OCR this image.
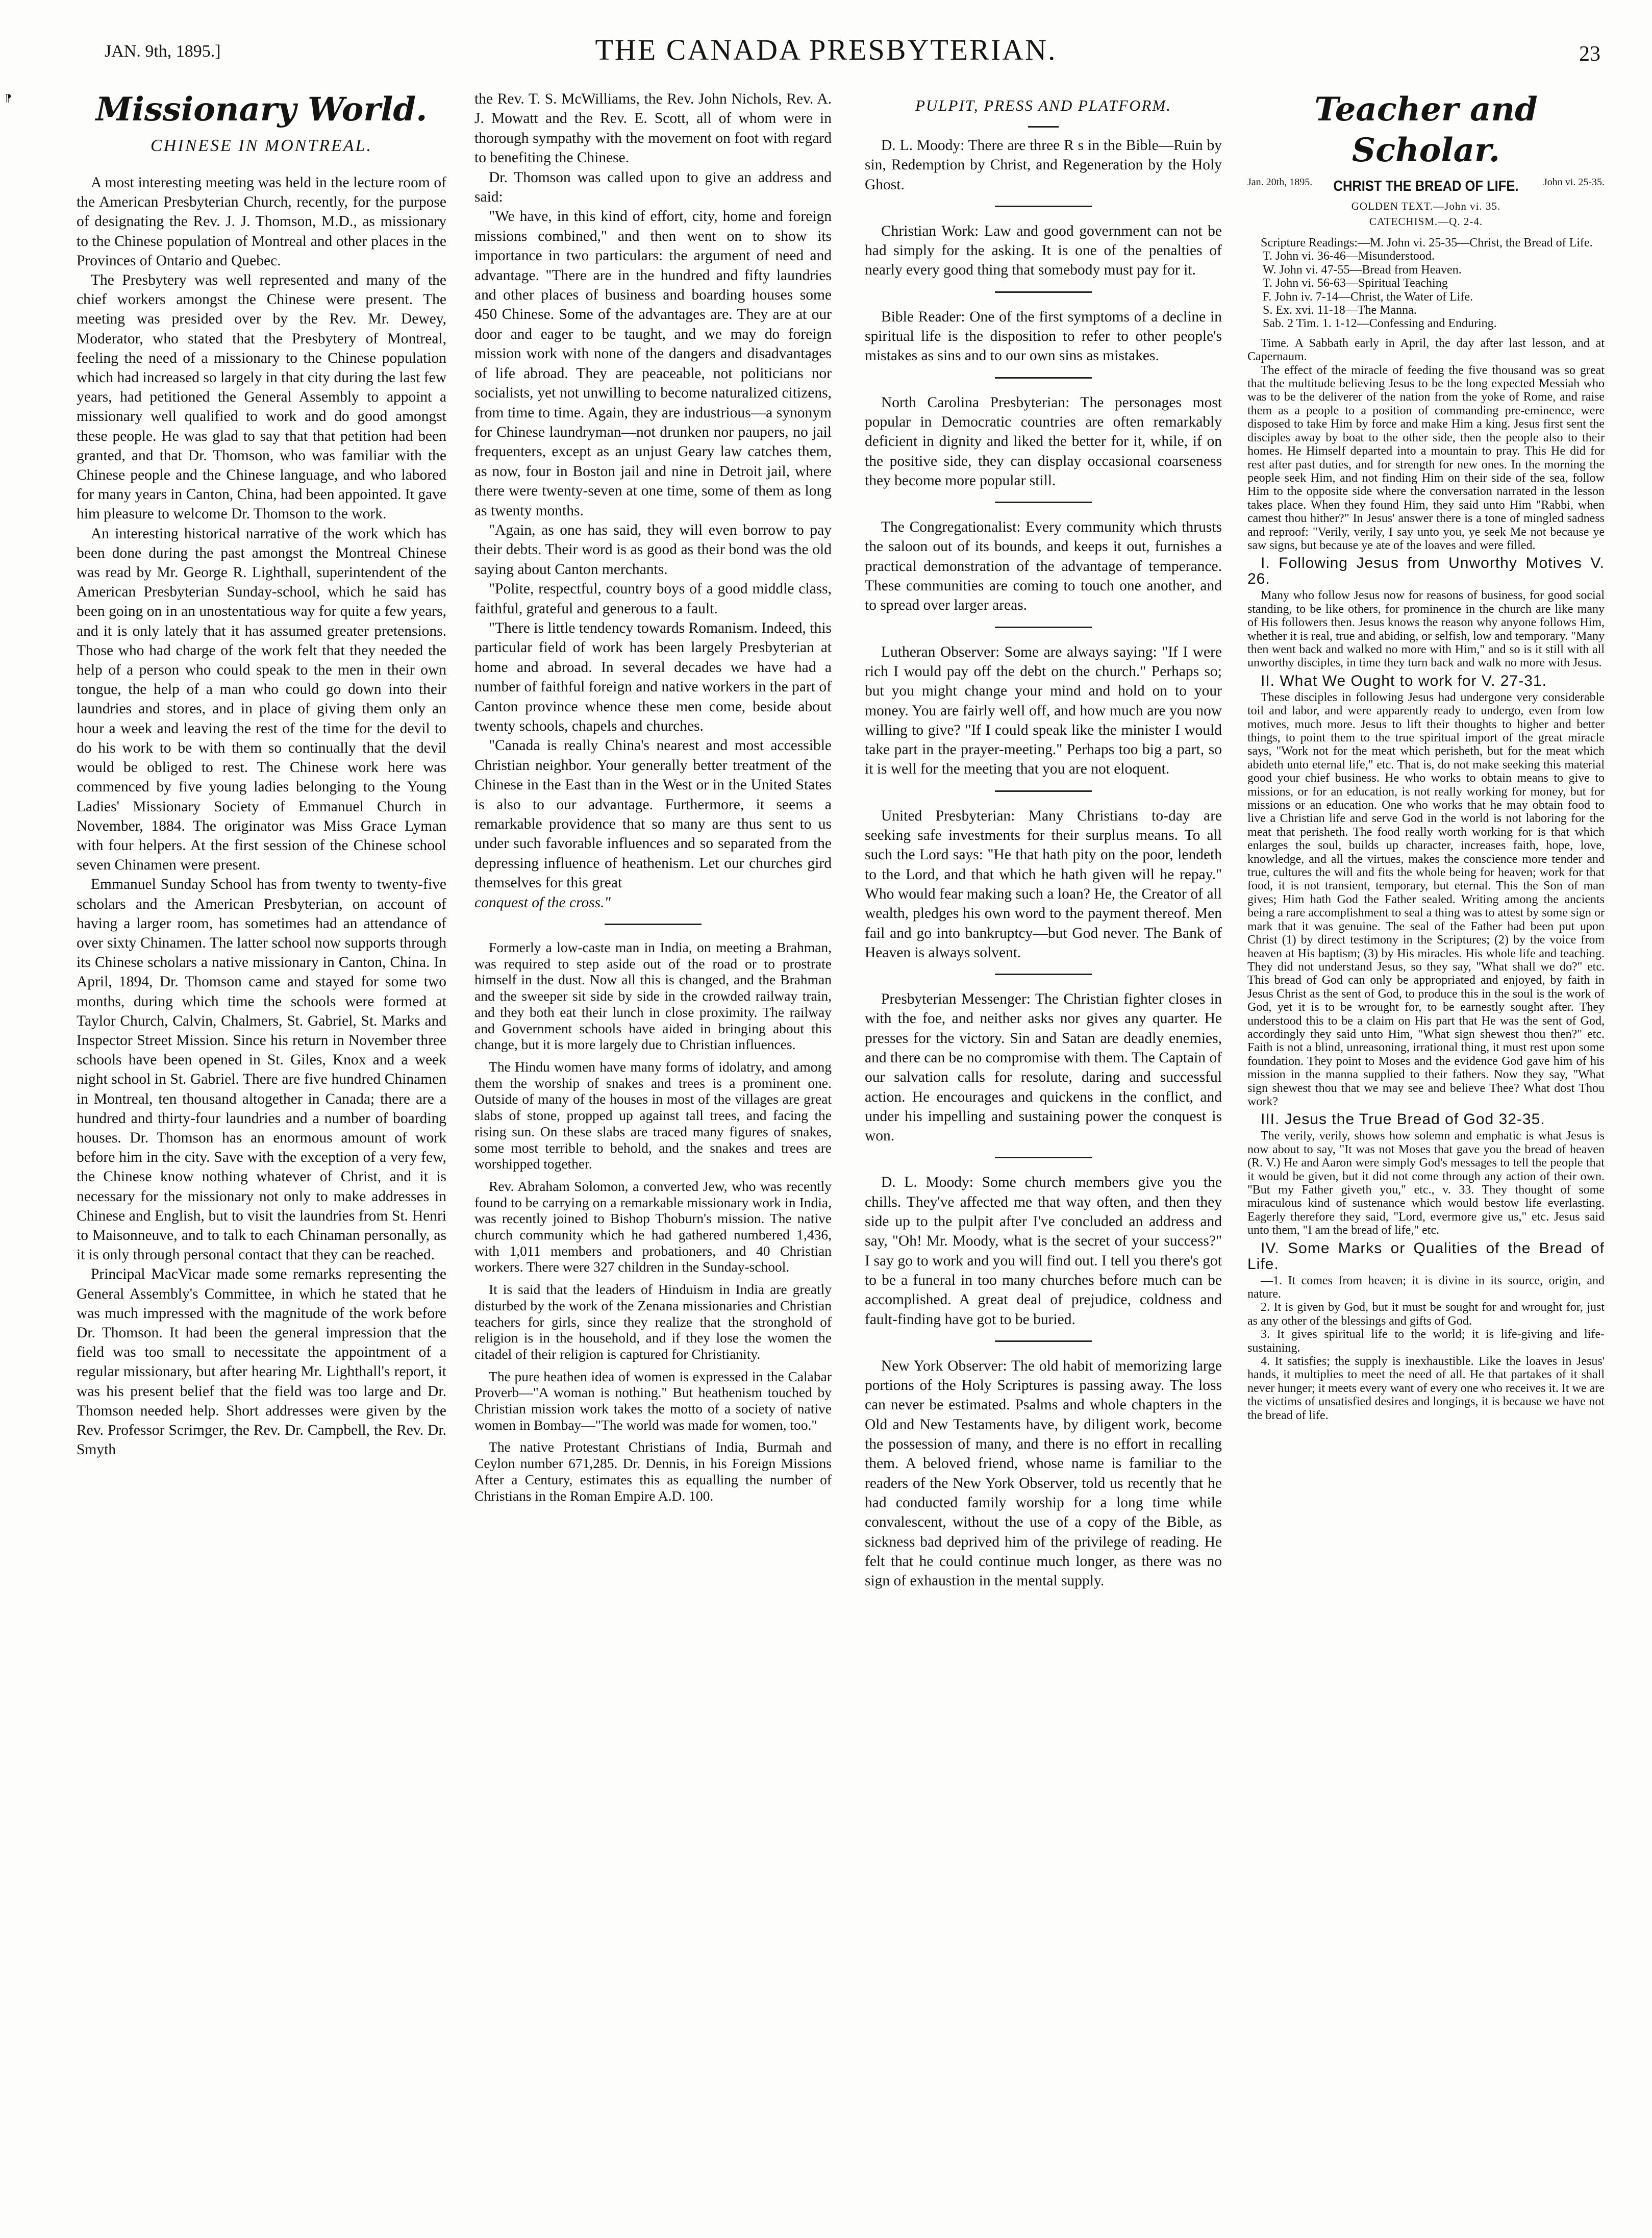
JAN. 9th, 1895.]	THE CANADA PRESBYTERIAN.	23
⁋	Missionary World.
CHINESE IN MONTREAL.

A most interesting meeting was held in the lecture room of the American Presbyterian Church, recently, for the purpose of designating the Rev. J. J. Thomson, M.D., as missionary to the Chinese population of Montreal and other places in the Provinces of Ontario and Quebec.

The Presbytery was well represented and many of the chief workers amongst the Chinese were present. The meeting was presided over by the Rev. Mr. Dewey, Moderator, who stated that the Presbytery of Montreal, feeling the need of a missionary to the Chinese population which had increased so largely in that city during the last few years, had petitioned the General Assembly to appoint a missionary well qualified to work and do good amongst these people. He was glad to say that that petition had been granted, and that Dr. Thomson, who was familiar with the Chinese people and the Chinese language, and who labored for many years in Canton, China, had been appointed. It gave him pleasure to welcome Dr. Thomson to the work.

An interesting historical narrative of the work which has been done during the past amongst the Montreal Chinese was read by Mr. George R. Lighthall, superintendent of the American Presbyterian Sunday-school, which he said has been going on in an unostentatious way for quite a few years, and it is only lately that it has assumed greater pretensions. Those who had charge of the work felt that they needed the help of a person who could speak to the men in their own tongue, the help of a man who could go down into their laundries and stores, and in place of giving them only an hour a week and leaving the rest of the time for the devil to do his work to be with them so continually that the devil would be obliged to rest. The Chinese work here was commenced by five young ladies belonging to the Young Ladies' Missionary Society of Emmanuel Church in November, 1884. The originator was Miss Grace Lyman with four helpers. At the first session of the Chinese school seven Chinamen were present.

Emmanuel Sunday School has from twenty to twenty-five scholars and the American Presbyterian, on account of having a larger room, has sometimes had an attendance of over sixty Chinamen. The latter school now supports through its Chinese scholars a native missionary in Canton, China. In April, 1894, Dr. Thomson came and stayed for some two months, during which time the schools were formed at Taylor Church, Calvin, Chalmers, St. Gabriel, St. Marks and Inspector Street Mission. Since his return in November three schools have been opened in St. Giles, Knox and a week night school in St. Gabriel. There are five hundred Chinamen in Montreal, ten thousand altogether in Canada; there are a hundred and thirty-four laundries and a number of boarding houses. Dr. Thomson has an enormous amount of work before him in the city. Save with the exception of a very few, the Chinese know nothing whatever of Christ, and it is necessary for the missionary not only to make addresses in Chinese and English, but to visit the laundries from St. Henri to Maisonneuve, and to talk to each Chinaman personally, as it is only through personal contact that they can be reached.

Principal MacVicar made some remarks representing the General Assembly's Committee, in which he stated that he was much impressed with the magnitude of the work before Dr. Thomson. It had been the general impression that the field was too small to necessitate the appointment of a regular missionary, but after hearing Mr. Lighthall's report, it was his present belief that the field was too large and Dr. Thomson needed help. Short addresses were given by the Rev. Professor Scrimger, the Rev. Dr. Campbell, the Rev. Dr. Smyth

the Rev. T. S. McWilliams, the Rev. John Nichols, Rev. A. J. Mowatt and the Rev. E. Scott, all of whom were in thorough sympathy with the movement on foot with regard to benefiting the Chinese.

Dr. Thomson was called upon to give an address and said:

"We have, in this kind of effort, city, home and foreign missions combined," and then went on to show its importance in two particulars: the argument of need and advantage. "There are in the hundred and fifty laundries and other places of business and boarding houses some 450 Chinese. Some of the advantages are. They are at our door and eager to be taught, and we may do foreign mission work with none of the dangers and disadvantages of life abroad. They are peaceable, not politicians nor socialists, yet not unwilling to become naturalized citizens, from time to time. Again, they are industrious—a synonym for Chinese laundryman—not drunken nor paupers, no jail frequenters, except as an unjust Geary law catches them, as now, four in Boston jail and nine in Detroit jail, where there were twenty-seven at one time, some of them as long as twenty months.

"Again, as one has said, they will even borrow to pay their debts. Their word is as good as their bond was the old saying about Canton merchants.

"Polite, respectful, country boys of a good middle class, faithful, grateful and generous to a fault.

"There is little tendency towards Romanism. Indeed, this particular field of work has been largely Presbyterian at home and abroad. In several decades we have had a number of faithful foreign and native workers in the part of Canton province whence these men come, beside about twenty schools, chapels and churches.

"Canada is really China's nearest and most accessible Christian neighbor. Your generally better treatment of the Chinese in the East than in the West or in the United States is also to our advantage. Furthermore, it seems a remarkable providence that so many are thus sent to us under such favorable influences and so separated from the depressing influence of heathenism. Let our churches gird themselves for this great

conquest of the cross."

Formerly a low-caste man in India, on meeting a Brahman, was required to step aside out of the road or to prostrate himself in the dust. Now all this is changed, and the Brahman and the sweeper sit side by side in the crowded railway train, and they both eat their lunch in close proximity. The railway and Government schools have aided in bringing about this change, but it is more largely due to Christian influences.

The Hindu women have many forms of idolatry, and among them the worship of snakes and trees is a prominent one. Outside of many of the houses in most of the villages are great slabs of stone, propped up against tall trees, and facing the rising sun. On these slabs are traced many figures of snakes, some most terrible to behold, and the snakes and trees are worshipped together.

Rev. Abraham Solomon, a converted Jew, who was recently found to be carrying on a remarkable missionary work in India, was recently joined to Bishop Thoburn's mission. The native church community which he had gathered numbered 1,436, with 1,011 members and probationers, and 40 Christian workers. There were 327 children in the Sunday-school.

It is said that the leaders of Hinduism in India are greatly disturbed by the work of the Zenana missionaries and Christian teachers for girls, since they realize that the stronghold of religion is in the household, and if they lose the women the citadel of their religion is captured for Christianity.

The pure heathen idea of women is expressed in the Calabar Proverb—"A woman is nothing." But heathenism touched by Christian mission work takes the motto of a society of native women in Bombay—"The world was made for women, too."

The native Protestant Christians of India, Burmah and Ceylon number 671,285. Dr. Dennis, in his Foreign Missions After a Century, estimates this as equalling the number of Christians in the Roman Empire A.D. 100.

PULPIT, PRESS AND PLATFORM.

D. L. Moody: There are three R s in the Bible—Ruin by sin, Redemption by Christ, and Regeneration by the Holy Ghost.

Christian Work: Law and good government can not be had simply for the asking. It is one of the penalties of nearly every good thing that somebody must pay for it.

Bible Reader: One of the first symptoms of a decline in spiritual life is the disposition to refer to other people's mistakes as sins and to our own sins as mistakes.

North Carolina Presbyterian: The personages most popular in Democratic countries are often remarkably deficient in dignity and liked the better for it, while, if on the positive side, they can display occasional coarseness they become more popular still.

The Congregationalist: Every community which thrusts the saloon out of its bounds, and keeps it out, furnishes a practical demonstration of the advantage of temperance. These communities are coming to touch one another, and to spread over larger areas.

Lutheran Observer: Some are always saying: "If I were rich I would pay off the debt on the church." Perhaps so; but you might change your mind and hold on to your money. You are fairly well off, and how much are you now willing to give? "If I could speak like the minister I would take part in the prayer-meeting." Perhaps too big a part, so it is well for the meeting that you are not eloquent.

United Presbyterian: Many Christians to-day are seeking safe investments for their surplus means. To all such the Lord says: "He that hath pity on the poor, lendeth to the Lord, and that which he hath given will he repay." Who would fear making such a loan? He, the Creator of all wealth, pledges his own word to the payment thereof. Men fail and go into bankruptcy—but God never. The Bank of Heaven is always solvent.

Presbyterian Messenger: The Christian fighter closes in with the foe, and neither asks nor gives any quarter. He presses for the victory. Sin and Satan are deadly enemies, and there can be no compromise with them. The Captain of our salvation calls for resolute, daring and successful action. He encourages and quickens in the conflict, and under his impelling and sustaining power the conquest is won.

D. L. Moody: Some church members give you the chills. They've affected me that way often, and then they side up to the pulpit after I've concluded an address and say, "Oh! Mr. Moody, what is the secret of your success?" I say go to work and you will find out. I tell you there's got to be a funeral in too many churches before much can be accomplished. A great deal of prejudice, coldness and fault-finding have got to be buried.

New York Observer: The old habit of memorizing large portions of the Holy Scriptures is passing away. The loss can never be estimated. Psalms and whole chapters in the Old and New Testaments have, by diligent work, become the possession of many, and there is no effort in recalling them. A beloved friend, whose name is familiar to the readers of the New York Observer, told us recently that he had conducted family worship for a long time while convalescent, without the use of a copy of the Bible, as sickness bad deprived him of the privilege of reading. He felt that he could continue much longer, as there was no sign of exhaustion in the mental supply.

Teacher and Scholar.
Jan. 20th, 1895.	CHRIST THE BREAD OF LIFE.	John vi. 25-35.
GOLDEN TEXT.—John vi. 35.
CATECHISM.—Q. 2-4.

Scripture Readings:—M. John vi. 25-35—Christ, the Bread of Life.

T. John vi. 36-46—Misunderstood.

W. John vi. 47-55—Bread from Heaven.

T. John vi. 56-63—Spiritual Teaching

F. John iv. 7-14—Christ, the Water of Life.

S. Ex. xvi. 11-18—The Manna.

Sab. 2 Tim. 1. 1-12—Confessing and Enduring.

Time. A Sabbath early in April, the day after last lesson, and at Capernaum.

The effect of the miracle of feeding the five thousand was so great that the multitude believing Jesus to be the long expected Messiah who was to be the deliverer of the nation from the yoke of Rome, and raise them as a people to a position of commanding pre-eminence, were disposed to take Him by force and make Him a king. Jesus first sent the disciples away by boat to the other side, then the people also to their homes. He Himself departed into a mountain to pray. This He did for rest after past duties, and for strength for new ones. In the morning the people seek Him, and not finding Him on their side of the sea, follow Him to the opposite side where the conversation narrated in the lesson takes place. When they found Him, they said unto Him "Rabbi, when camest thou hither?" In Jesus' answer there is a tone of mingled sadness and reproof: "Verily, verily, I say unto you, ye seek Me not because ye saw signs, but because ye ate of the loaves and were filled.

I. Following Jesus from Unworthy Motives V. 26.

Many who follow Jesus now for reasons of business, for good social standing, to be like others, for prominence in the church are like many of His followers then. Jesus knows the reason why anyone follows Him, whether it is real, true and abiding, or selfish, low and temporary. "Many then went back and walked no more with Him," and so is it still with all unworthy disciples, in time they turn back and walk no more with Jesus.

II. What We Ought to work for V. 27-31.

These disciples in following Jesus had undergone very considerable toil and labor, and were apparently ready to undergo, even from low motives, much more. Jesus to lift their thoughts to higher and better things, to point them to the true spiritual import of the great miracle says, "Work not for the meat which perisheth, but for the meat which abideth unto eternal life," etc. That is, do not make seeking this material good your chief business. He who works to obtain means to give to missions, or for an education, is not really working for money, but for missions or an education. One who works that he may obtain food to live a Christian life and serve God in the world is not laboring for the meat that perisheth. The food really worth working for is that which enlarges the soul, builds up character, increases faith, hope, love, knowledge, and all the virtues, makes the conscience more tender and true, cultures the will and fits the whole being for heaven; work for that food, it is not transient, temporary, but eternal. This the Son of man gives; Him hath God the Father sealed. Writing among the ancients being a rare accomplishment to seal a thing was to attest by some sign or mark that it was genuine. The seal of the Father had been put upon Christ (1) by direct testimony in the Scriptures; (2) by the voice from heaven at His baptism; (3) by His miracles. His whole life and teaching. They did not understand Jesus, so they say, "What shall we do?" etc. This bread of God can only be appropriated and enjoyed, by faith in Jesus Christ as the sent of God, to produce this in the soul is the work of God, yet it is to be wrought for, to be earnestly sought after. They understood this to be a claim on His part that He was the sent of God, accordingly they said unto Him, "What sign shewest thou then?" etc. Faith is not a blind, unreasoning, irrational thing, it must rest upon some foundation. They point to Moses and the evidence God gave him of his mission in the manna supplied to their fathers. Now they say, "What sign shewest thou that we may see and believe Thee? What dost Thou work?

III. Jesus the True Bread of God 32-35.

The verily, verily, shows how solemn and emphatic is what Jesus is now about to say, "It was not Moses that gave you the bread of heaven (R. V.) He and Aaron were simply God's messages to tell the people that it would be given, but it did not come through any action of their own. "But my Father giveth you," etc., v. 33. They thought of some miraculous kind of sustenance which would bestow life everlasting. Eagerly therefore they said, "Lord, evermore give us," etc. Jesus said unto them, "I am the bread of life," etc.

IV. Some Marks or Qualities of the Bread of Life.

—1. It comes from heaven; it is divine in its source, origin, and nature.

2. It is given by God, but it must be sought for and wrought for, just as any other of the blessings and gifts of God.

3. It gives spiritual life to the world; it is life-giving and life-sustaining.

4. It satisfies; the supply is inexhaustible. Like the loaves in Jesus' hands, it multiplies to meet the need of all. He that partakes of it shall never hunger; it meets every want of every one who receives it. It we are the victims of unsatisfied desires and longings, it is because we have not the bread of life.
